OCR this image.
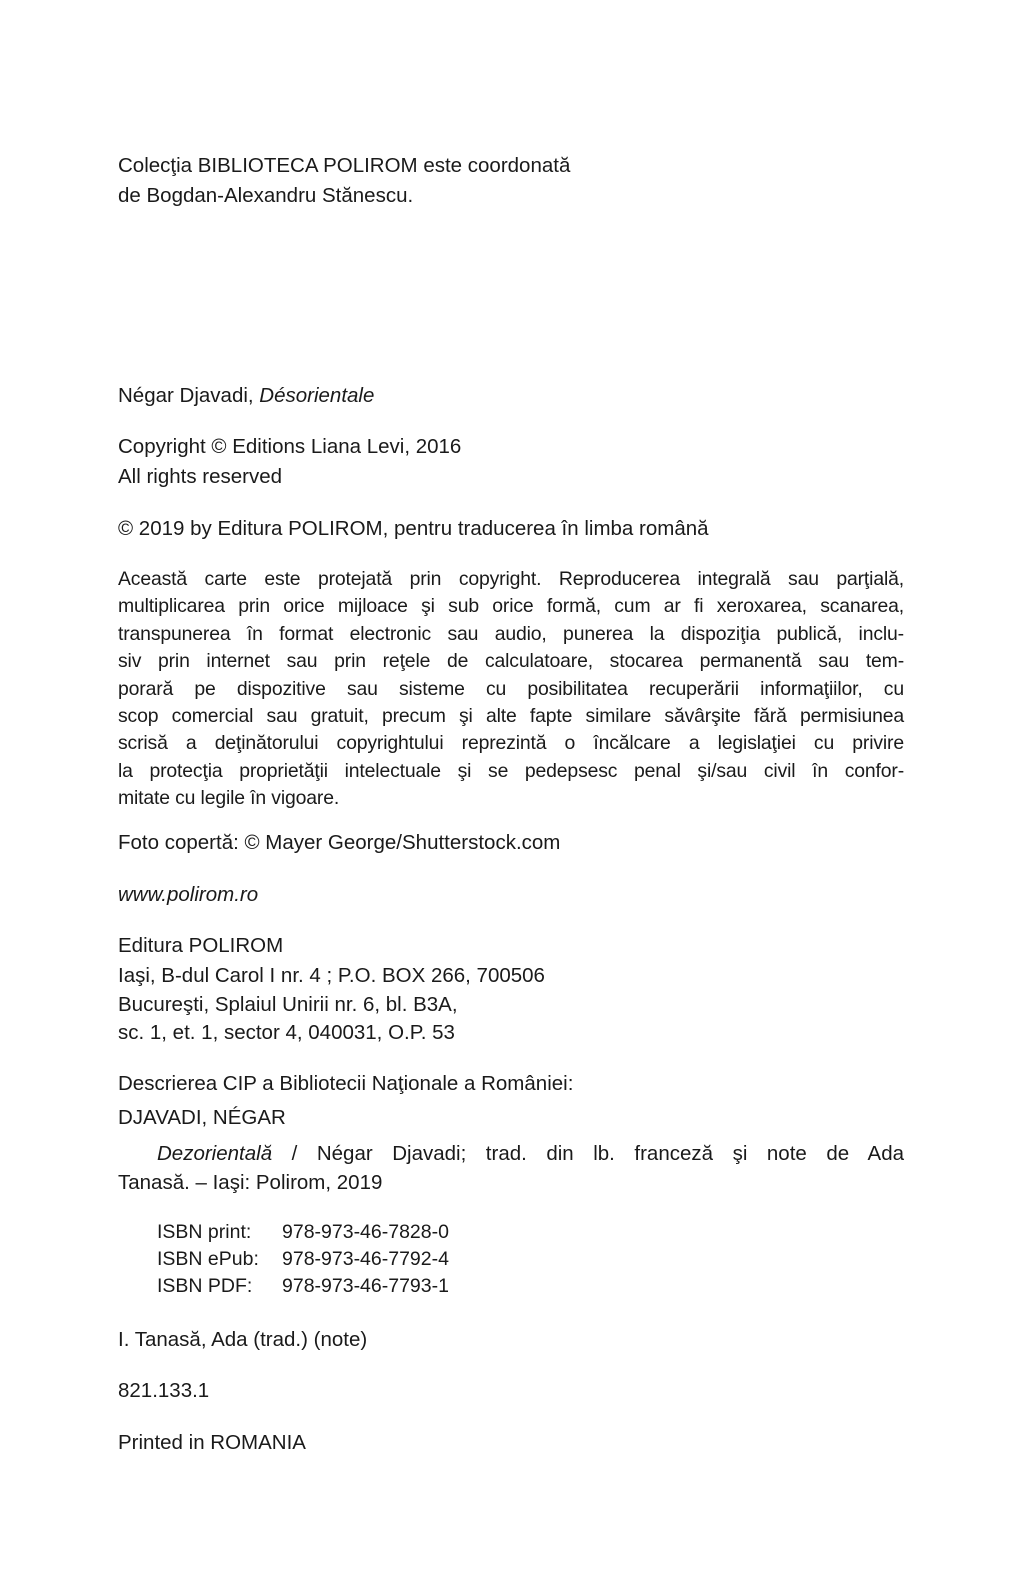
Colecţia BIBLIOTECA POLIROM este coordonată
de Bogdan-Alexandru Stănescu.
Négar Djavadi, Désorientale
Copyright © Editions Liana Levi, 2016
All rights reserved
© 2019 by Editura POLIROM, pentru traducerea în limba română
Această carte este protejată prin copyright. Reproducerea integrală sau parţială,
multiplicarea prin orice mijloace şi sub orice formă, cum ar fi xeroxarea, scanarea,
transpunerea în format electronic sau audio, punerea la dispoziţia publică, inclu-
siv prin internet sau prin reţele de calculatoare, stocarea permanentă sau tem-
porară pe dispozitive sau sisteme cu posibilitatea recuperării informaţiilor, cu
scop comercial sau gratuit, precum şi alte fapte similare săvârşite fără permisiunea
scrisă a deţinătorului copyrightului reprezintă o încălcare a legislaţiei cu privire
la protecţia proprietăţii intelectuale şi se pedepsesc penal şi/sau civil în confor-
mitate cu legile în vigoare.
Foto copertă: © Mayer George/Shutterstock.com
www.polirom.ro
Editura POLIROM
Iaşi, B-dul Carol I nr. 4 ; P.O. BOX 266, 700506
Bucureşti, Splaiul Unirii nr. 6, bl. B3A,
sc. 1, et. 1, sector 4, 040031, O.P. 53
Descrierea CIP a Bibliotecii Naţionale a României:
DJAVADI, NÉGAR
Dezorientală / Négar Djavadi; trad. din lb. franceză şi note de Ada
Tanasă. – Iaşi: Polirom, 2019
ISBN print: 978-973-46-7828-0
ISBN ePub: 978-973-46-7792-4
ISBN PDF: 978-973-46-7793-1
I. Tanasă, Ada (trad.) (note)
821.133.1
Printed in ROMANIA
